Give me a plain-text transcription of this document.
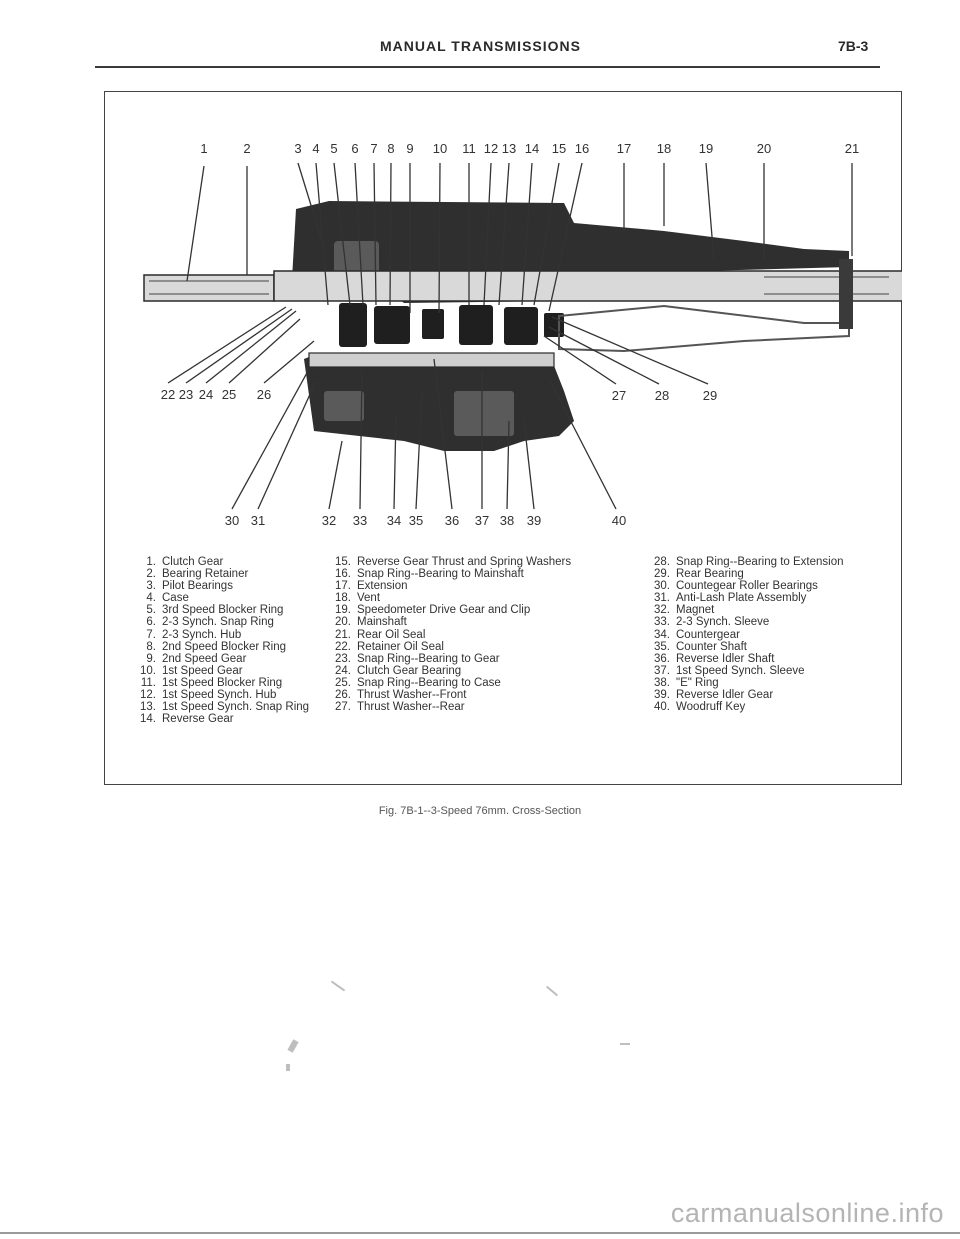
MANUAL TRANSMISSIONS	7B-3
1	2	3 4 5 6 7 8 9 10 11 12 13 14 15 16 17 18 19	20	21
22 23 24 25 26	27 28	29
30 31	32 33 34 35 36 37 38 39	40
1. Clutch Gear
2. Bearing Retainer
3. Pilot Bearings
4. Case
5. 3rd Speed Blocker Ring
6. 2-3 Synch. Snap Ring
7. 2-3 Synch. Hub
8. 2nd Speed Blocker Ring
9. 2nd Speed Gear
10. 1st Speed Gear
11. 1st Speed Blocker Ring
12. 1st Speed Synch. Hub
13. 1st Speed Synch. Snap Ring
14. Reverse Gear
15. Reverse Gear Thrust and Spring Washers
16. Snap Ring--Bearing to Mainshaft
17. Extension
18. Vent
19. Speedometer Drive Gear and Clip
20. Mainshaft
21. Rear Oil Seal
22. Retainer Oil Seal
23. Snap Ring--Bearing to Gear
24. Clutch Gear Bearing
25. Snap Ring--Bearing to Case
26. Thrust Washer--Front
27. Thrust Washer--Rear
28. Snap Ring--Bearing to Extension
29. Rear Bearing
30. Countegear Roller Bearings
31. Anti-Lash Plate Assembly
32. Magnet
33. 2-3 Synch. Sleeve
34. Countergear
35. Counter Shaft
36. Reverse Idler Shaft
37. 1st Speed Synch. Sleeve
38. "E" Ring
39. Reverse Idler Gear
40. Woodruff Key
Fig. 7B-1--3-Speed 76mm. Cross-Section
carmanualsonline.info
